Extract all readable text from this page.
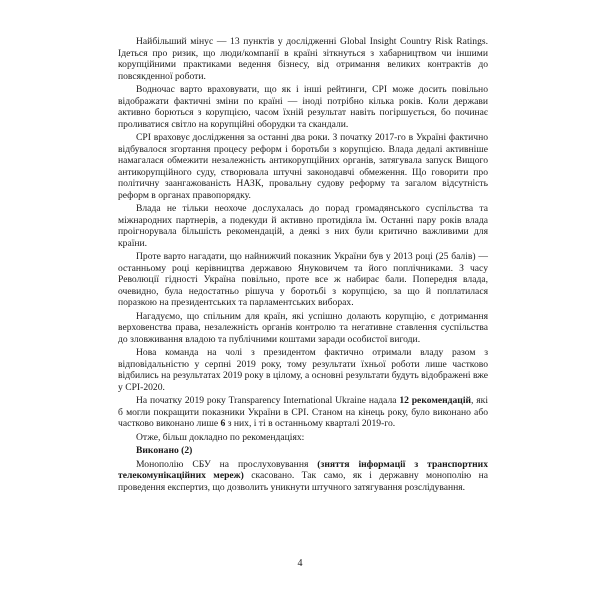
Найбільший мінус — 13 пунктів у дослідженні Global Insight Country Risk Ratings. Ідеться про ризик, що люди/компанії в країні зіткнуться з хабарництвом чи іншими корупційними практиками ведення бізнесу, від отримання великих контрактів до повсякденної роботи.

Водночас варто враховувати, що як і інші рейтинги, CPI може досить повільно відображати фактичні зміни по країні — іноді потрібно кілька років. Коли держави активно борються з корупцією, часом їхній результат навіть погіршується, бо починає проливатися світло на корупційні оборудки та скандали.

CPI враховує дослідження за останні два роки. З початку 2017-го в Україні фактично відбувалося згортання процесу реформ і боротьби з корупцією. Влада дедалі активніше намагалася обмежити незалежність антикорупційних органів, затягувала запуск Вищого антикорупційного суду, створювала штучні законодавчі обмеження. Що говорити про політичну заангажованість НАЗК, провальну судову реформу та загалом відсутність реформ в органах правопорядку.

Влада не тільки неохоче дослухалась до порад громадянського суспільства та міжнародних партнерів, а подекуди й активно протидіяла їм. Останні пару років влада проігнорувала більшість рекомендацій, а деякі з них були критично важливими для країни.

Проте варто нагадати, що найнижчий показник України був у 2013 році (25 балів) — останньому році керівництва державою Януковичем та його поплічниками. З часу Революції гідності Україна повільно, проте все ж набирає бали. Попередня влада, очевидно, була недостатньо рішуча у боротьбі з корупцією, за що й поплатилася поразкою на президентських та парламентських виборах.

Нагадуємо, що спільним для країн, які успішно долають корупцію, є дотримання верховенства права, незалежність органів контролю та негативне ставлення суспільства до зловживання владою та публічними коштами заради особистої вигоди.

Нова команда на чолі з президентом фактично отримали владу разом з відповідальністю у серпні 2019 року, тому результати їхньої роботи лише частково відбились на результатах 2019 року в цілому, а основні результати будуть відображені вже у CPI-2020.

На початку 2019 року Transparency International Ukraine надала 12 рекомендацій, які б могли покращити показники України в CPI. Станом на кінець року, було виконано або частково виконано лише 6 з них, і ті в останньому кварталі 2019-го.

Отже, більш докладно по рекомендаціях:

Виконано (2)

Монополію СБУ на прослуховування (зняття інформації з транспортних телекомунікаційних мереж) скасовано. Так само, як і державну монополію на проведення експертиз, що дозволить уникнути штучного затягування розслідування.

4
